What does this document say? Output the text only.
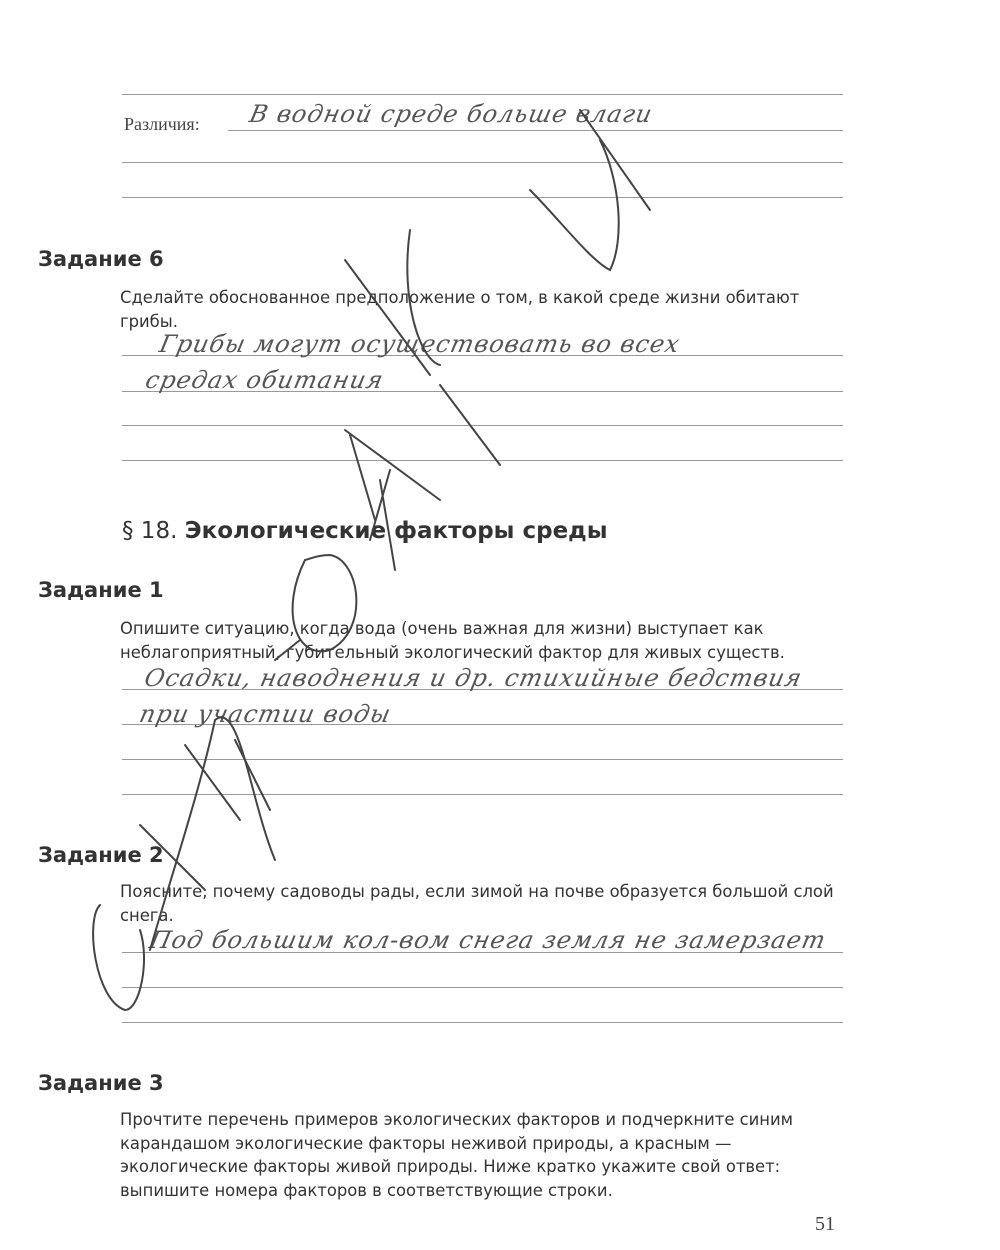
Различия: В водной среде больше влаги
Задание 6
Сделайте обоснованное предположение о том, в какой среде жизни обитают грибы.
Грибы могут осуществовать во всех
средах обитания
§ 18. Экологические факторы среды
Задание 1
Опишите ситуацию, когда вода (очень важная для жизни) выступает как неблагоприятный, губительный экологический фактор для живых существ.
Осадки, наводнения и др. стихийные бедствия
при участии воды
Задание 2
Поясните, почему садоводы рады, если зимой на почве образуется большой слой снега.
Под большим кол-вом снега земля не замерзает
Задание 3
Прочтите перечень примеров экологических факторов и подчеркните синим карандашом экологические факторы неживой природы, а красным — экологические факторы живой природы. Ниже кратко укажите свой ответ: выпишите номера факторов в соответствующие строки.
51
